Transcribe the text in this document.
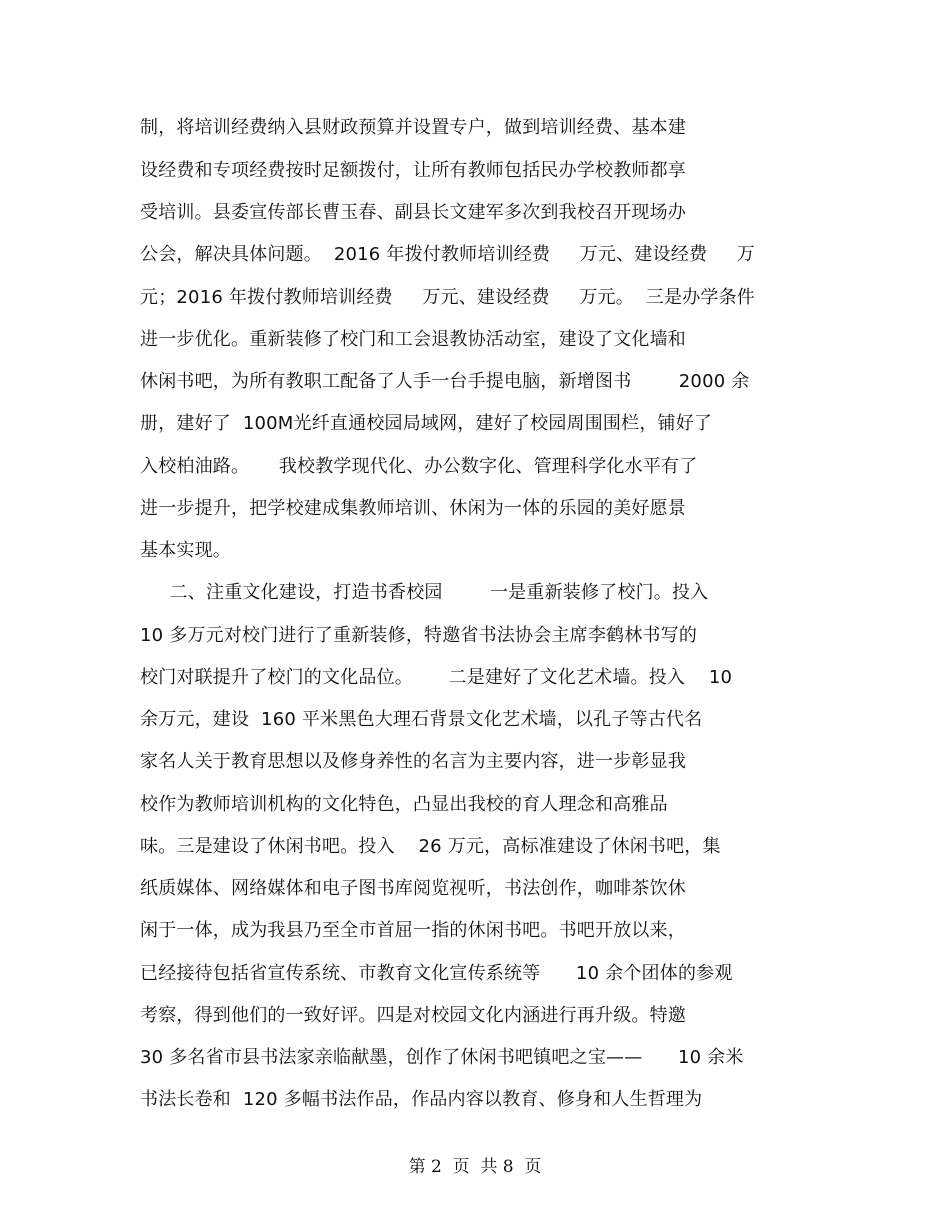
制，将培训经费纳入县财政预算并设置专户，做到培训经费、基本建
设经费和专项经费按时足额拨付，让所有教师包括民办学校教师都享
受培训。县委宣传部长曹玉春、副县长文建军多次到我校召开现场办
公会，解决具体问题。  2016 年拨付教师培训经费     万元、建设经费     万
元；2016 年拨付教师培训经费     万元、建设经费     万元。  三是办学条件
进一步优化。重新装修了校门和工会退教协活动室，建设了文化墙和
休闲书吧，为所有教职工配备了人手一台手提电脑，新增图书        2000 余
册，建好了  100M光纤直通校园局域网，建好了校园周围围栏，铺好了
入校柏油路。     我校教学现代化、办公数字化、管理科学化水平有了
进一步提升，把学校建成集教师培训、休闲为一体的乐园的美好愿景
基本实现。
二、注重文化建设，打造书香校园        一是重新装修了校门。投入
10 多万元对校门进行了重新装修，特邀省书法协会主席李鹤林书写的
校门对联提升了校门的文化品位。      二是建好了文化艺术墙。投入    10
余万元，建设  160 平米黑色大理石背景文化艺术墙，以孔子等古代名
家名人关于教育思想以及修身养性的名言为主要内容，进一步彰显我
校作为教师培训机构的文化特色，凸显出我校的育人理念和高雅品
味。三是建设了休闲书吧。投入    26 万元，高标准建设了休闲书吧，集
纸质媒体、网络媒体和电子图书库阅览视听，书法创作，咖啡茶饮休
闲于一体，成为我县乃至全市首屈一指的休闲书吧。书吧开放以来，
已经接待包括省宣传系统、市教育文化宣传系统等      10 余个团体的参观
考察，得到他们的一致好评。四是对校园文化内涵进行再升级。特邀
30 多名省市县书法家亲临献墨，创作了休闲书吧镇吧之宝——      10 余米
书法长卷和  120 多幅书法作品，作品内容以教育、修身和人生哲理为
第 2  页  共 8  页
